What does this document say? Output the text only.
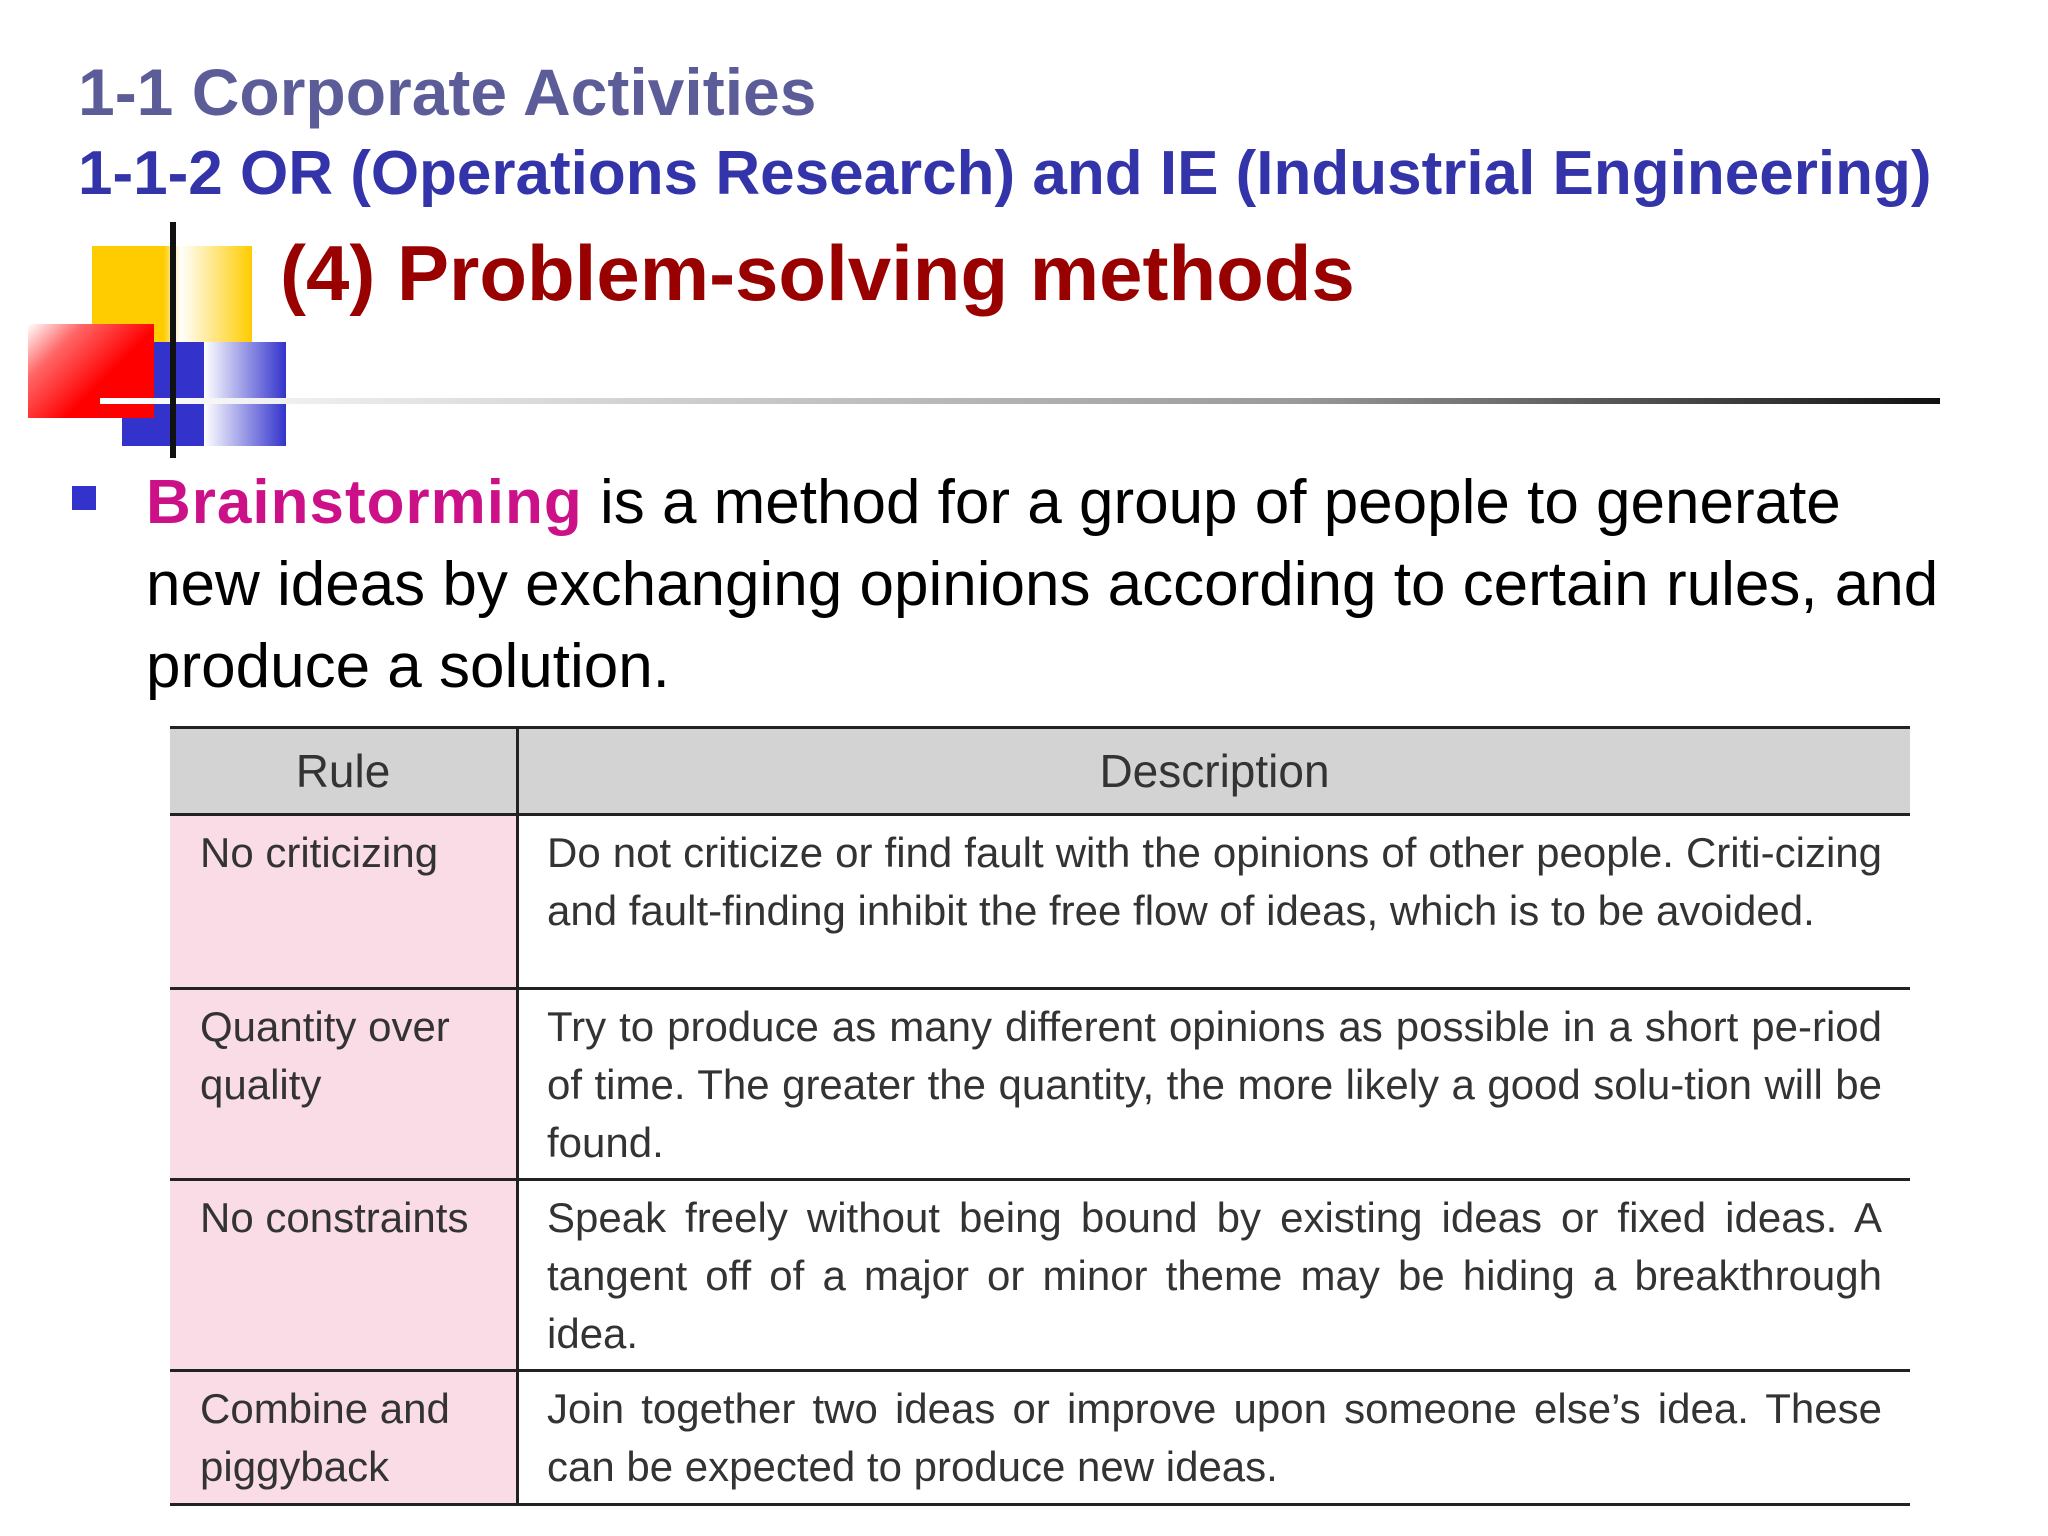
1-1 Corporate Activities
1-1-2 OR (Operations Research) and IE (Industrial Engineering)
(4) Problem-solving methods
Brainstorming is a method for a group of people to generate new ideas by exchanging opinions according to certain rules, and produce a solution.
Rule	Description
No criticizing	Do not criticize or find fault with the opinions of other people. Criti-cizing and fault-finding inhibit the free flow of ideas, which is to be avoided.
Quantity over quality	Try to produce as many different opinions as possible in a short pe-riod of time. The greater the quantity, the more likely a good solu-tion will be found.
No constraints	Speak freely without being bound by existing ideas or fixed ideas. A tangent off of a major or minor theme may be hiding a breakthrough idea.
Combine and piggyback	Join together two ideas or improve upon someone else’s idea. These can be expected to produce new ideas.
